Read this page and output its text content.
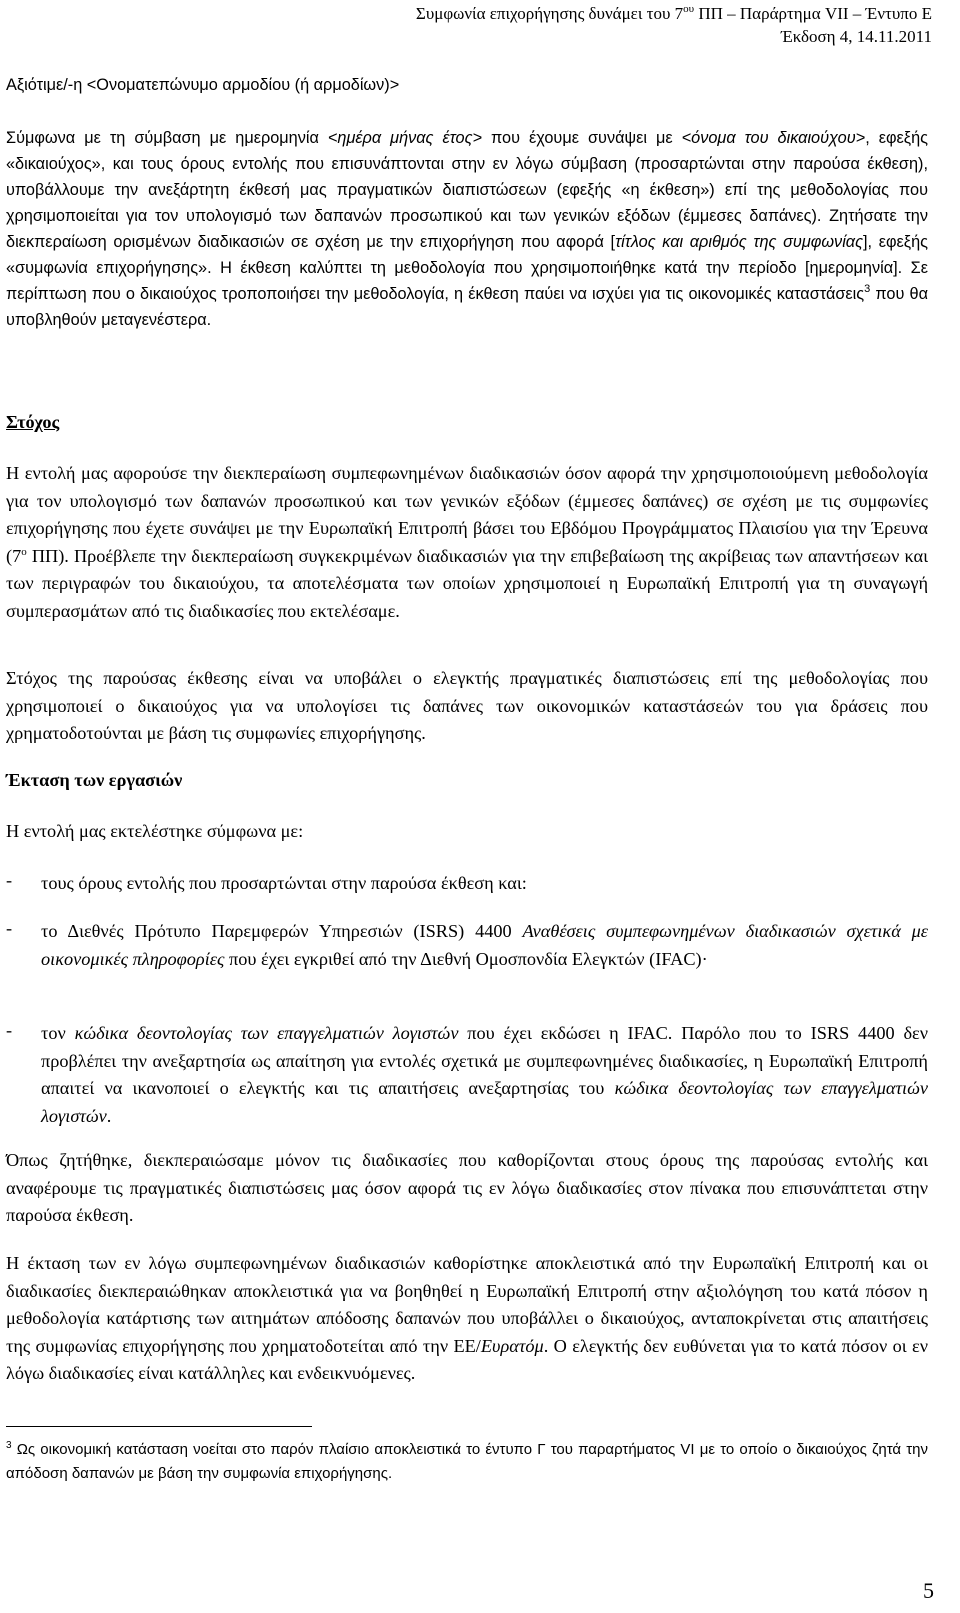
Συμφωνία επιχορήγησης δυνάμει του $7^{o\upsilon}$ ΠΠ – Παράρτημα VII – Έντυπο Ε
Έκδοση 4, 14.11.2011
Αξιότιμε/-η <Ονοματεπώνυμο αρμοδίου (ή αρμοδίων)>
Σύμφωνα με τη σύμβαση με ημερομηνία <ημέρα μήνας έτος> που έχουμε συνάψει με <όνομα του δικαιούχου>, εφεξής «δικαιούχος», και τους όρους εντολής που επισυνάπτονται στην εν λόγω σύμβαση (προσαρτώνται στην παρούσα έκθεση), υποβάλλουμε την ανεξάρτητη έκθεσή μας πραγματικών διαπιστώσεων (εφεξής «η έκθεση») επί της μεθοδολογίας που χρησιμοποιείται για τον υπολογισμό των δαπανών προσωπικού και των γενικών εξόδων (έμμεσες δαπάνες). Ζητήσατε την διεκπεραίωση ορισμένων διαδικασιών σε σχέση με την επιχορήγηση που αφορά [τίτλος και αριθμός της συμφωνίας], εφεξής «συμφωνία επιχορήγησης». Η έκθεση καλύπτει τη μεθοδολογία που χρησιμοποιήθηκε κατά την περίοδο [ημερομηνία]. Σε περίπτωση που ο δικαιούχος τροποποιήσει την μεθοδολογία, η έκθεση παύει να ισχύει για τις οικονομικές καταστάσεις$^3$ που θα υποβληθούν μεταγενέστερα.
Στόχος
Η εντολή μας αφορούσε την διεκπεραίωση συμπεφωνημένων διαδικασιών όσον αφορά την χρησιμοποιούμενη μεθοδολογία για τον υπολογισμό των δαπανών προσωπικού και των γενικών εξόδων (έμμεσες δαπάνες) σε σχέση με τις συμφωνίες επιχορήγησης που έχετε συνάψει με την Ευρωπαϊκή Επιτροπή βάσει του Εβδόμου Προγράμματος Πλαισίου για την Έρευνα ($7^o$ ΠΠ). Προέβλεπε την διεκπεραίωση συγκεκριμένων διαδικασιών για την επιβεβαίωση της ακρίβειας των απαντήσεων και των περιγραφών του δικαιούχου, τα αποτελέσματα των οποίων χρησιμοποιεί η Ευρωπαϊκή Επιτροπή για τη συναγωγή συμπερασμάτων από τις διαδικασίες που εκτελέσαμε.
Στόχος της παρούσας έκθεσης είναι να υποβάλει ο ελεγκτής πραγματικές διαπιστώσεις επί της μεθοδολογίας που χρησιμοποιεί ο δικαιούχος για να υπολογίσει τις δαπάνες των οικονομικών καταστάσεών του για δράσεις που χρηματοδοτούνται με βάση τις συμφωνίες επιχορήγησης.
Έκταση των εργασιών
Η εντολή μας εκτελέστηκε σύμφωνα με:
- τους όρους εντολής που προσαρτώνται στην παρούσα έκθεση και:
- το Διεθνές Πρότυπο Παρεμφερών Υπηρεσιών (ISRS) 4400 Αναθέσεις συμπεφωνημένων διαδικασιών σχετικά με οικονομικές πληροφορίες που έχει εγκριθεί από την Διεθνή Ομοσπονδία Ελεγκτών (IFAC)·
- τον κώδικα δεοντολογίας των επαγγελματιών λογιστών που έχει εκδώσει η IFAC. Παρόλο που το ISRS 4400 δεν προβλέπει την ανεξαρτησία ως απαίτηση για εντολές σχετικά με συμπεφωνημένες διαδικασίες, η Ευρωπαϊκή Επιτροπή απαιτεί να ικανοποιεί ο ελεγκτής και τις απαιτήσεις ανεξαρτησίας του κώδικα δεοντολογίας των επαγγελματιών λογιστών.
Όπως ζητήθηκε, διεκπεραιώσαμε μόνον τις διαδικασίες που καθορίζονται στους όρους της παρούσας εντολής και αναφέρουμε τις πραγματικές διαπιστώσεις μας όσον αφορά τις εν λόγω διαδικασίες στον πίνακα που επισυνάπτεται στην παρούσα έκθεση.
Η έκταση των εν λόγω συμπεφωνημένων διαδικασιών καθορίστηκε αποκλειστικά από την Ευρωπαϊκή Επιτροπή και οι διαδικασίες διεκπεραιώθηκαν αποκλειστικά για να βοηθηθεί η Ευρωπαϊκή Επιτροπή στην αξιολόγηση του κατά πόσον η μεθοδολογία κατάρτισης των αιτημάτων απόδοσης δαπανών που υποβάλλει ο δικαιούχος, ανταποκρίνεται στις απαιτήσεις της συμφωνίας επιχορήγησης που χρηματοδοτείται από την ΕΕ/Ευρατόμ. Ο ελεγκτής δεν ευθύνεται για το κατά πόσον οι εν λόγω διαδικασίες είναι κατάλληλες και ενδεικνυόμενες.
$^3$ Ως οικονομική κατάσταση νοείται στο παρόν πλαίσιο αποκλειστικά το έντυπο Γ του παραρτήματος VI με το οποίο ο δικαιούχος ζητά την απόδοση δαπανών με βάση την συμφωνία επιχορήγησης.
5
